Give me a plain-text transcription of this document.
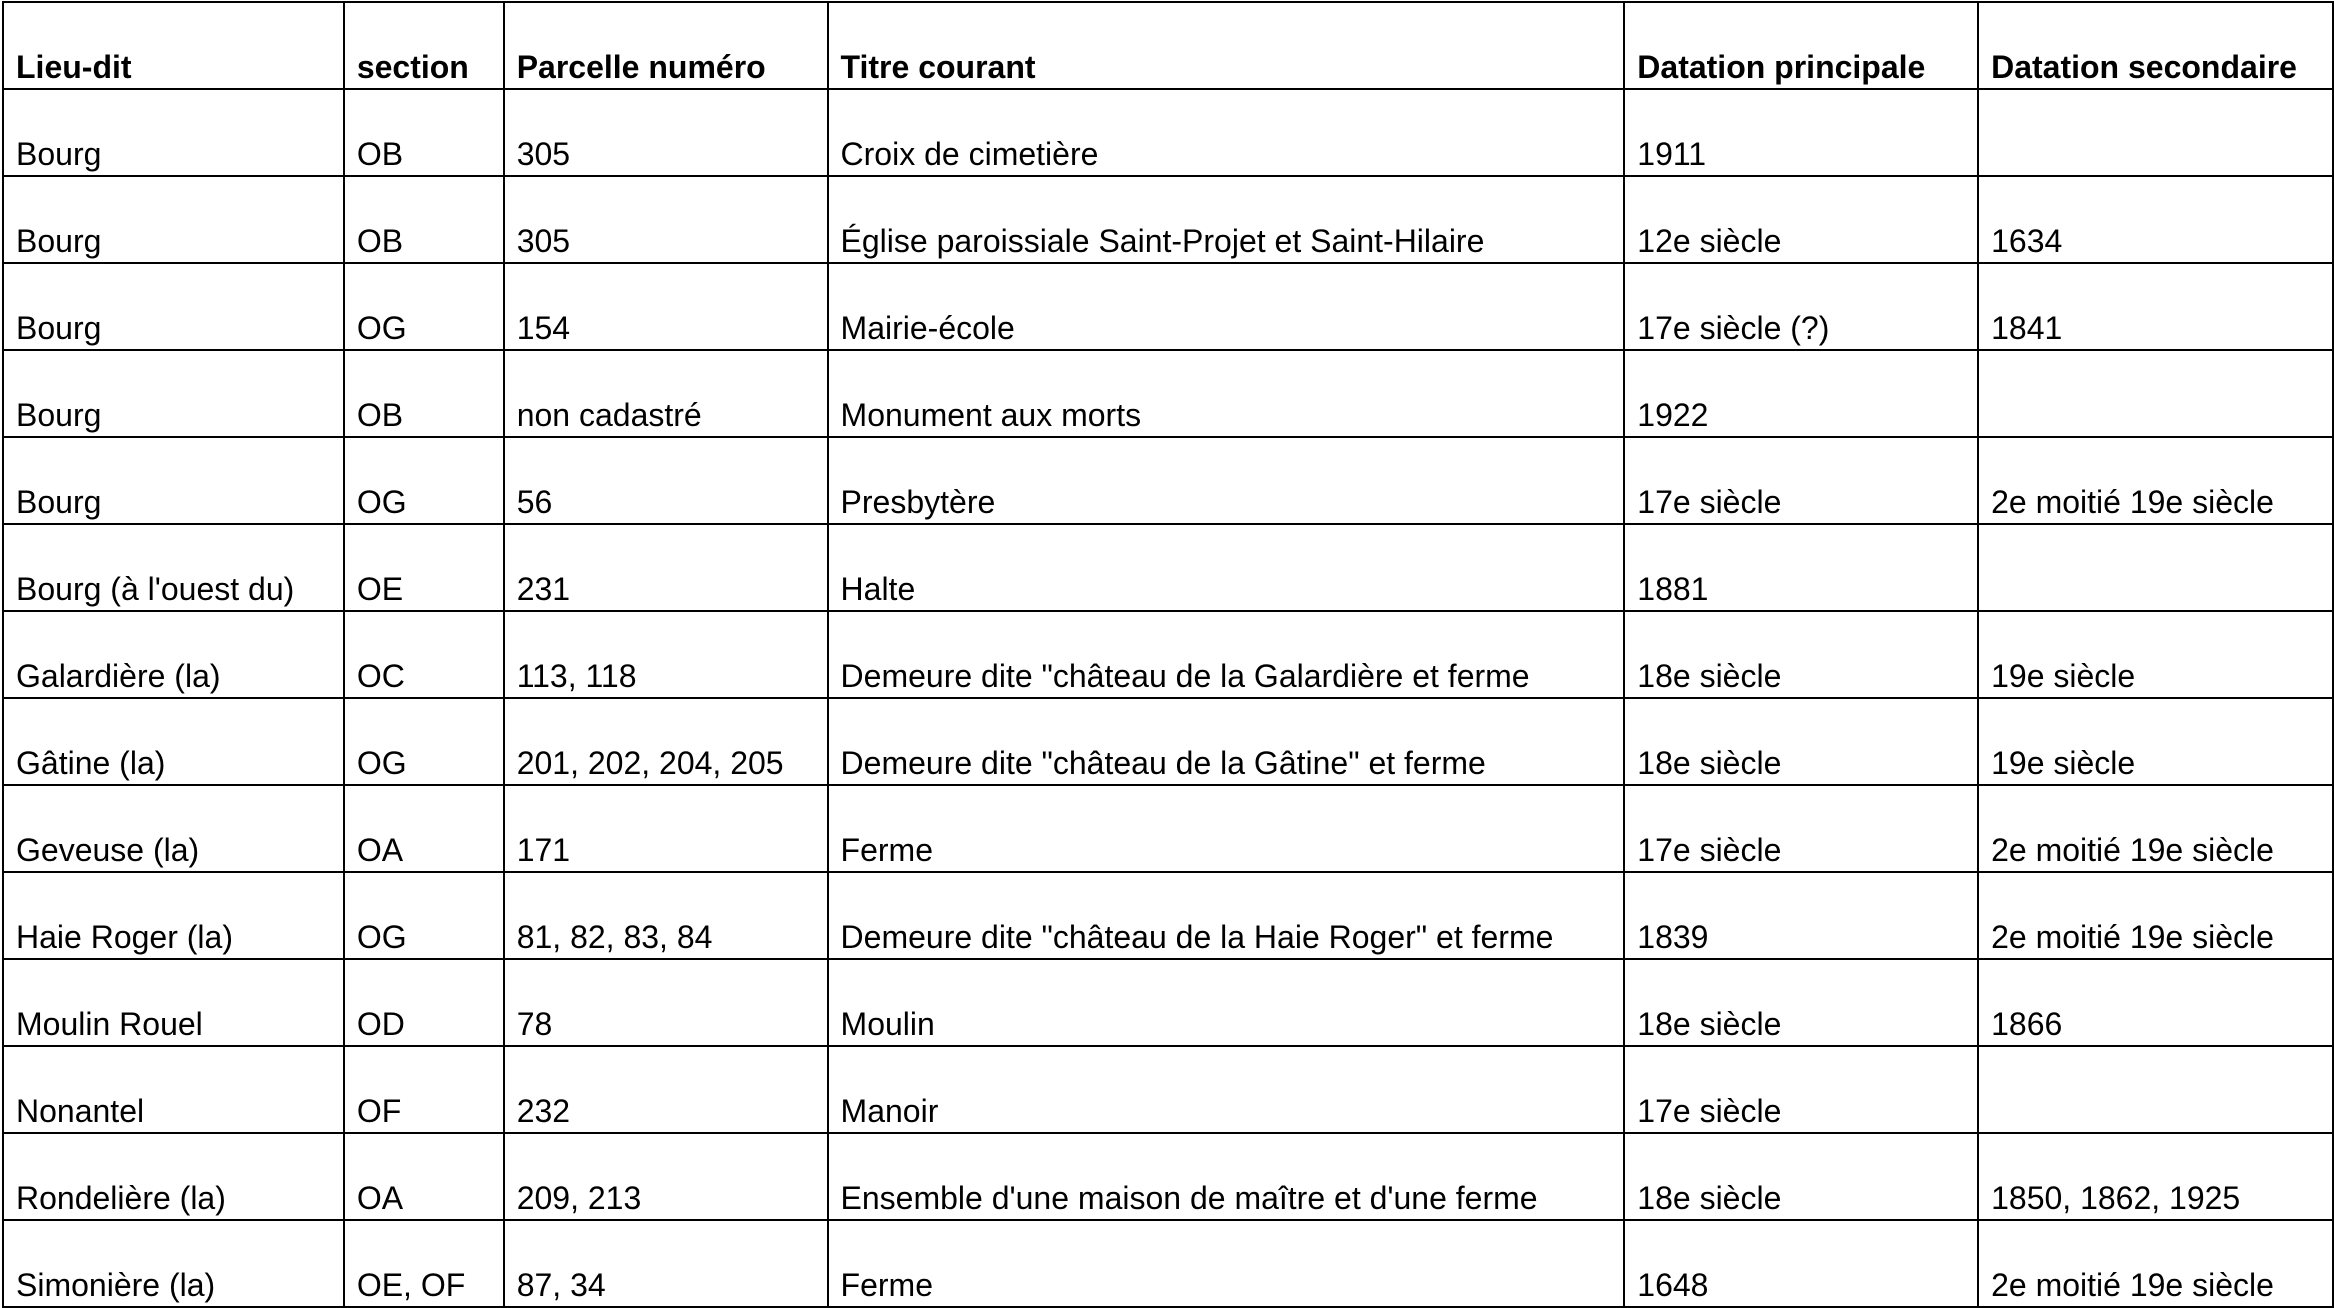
Lieu-dit	section	Parcelle numéro	Titre courant	Datation principale	Datation secondaire
Bourg	OB	305	Croix de cimetière	1911	
Bourg	OB	305	Église paroissiale Saint-Projet et Saint-Hilaire	12e siècle	1634
Bourg	OG	154	Mairie-école	17e siècle (?)	1841
Bourg	OB	non cadastré	Monument aux morts	1922	
Bourg	OG	56	Presbytère	17e siècle	2e moitié 19e siècle
Bourg (à l'ouest du)	OE	231	Halte	1881	
Galardière (la)	OC	113, 118	Demeure dite "château de la Galardière et ferme	18e siècle	19e siècle
Gâtine (la)	OG	201, 202, 204, 205	Demeure dite "château de la Gâtine" et ferme	18e siècle	19e siècle
Geveuse (la)	OA	171	Ferme	17e siècle	2e moitié 19e siècle
Haie Roger (la)	OG	81, 82, 83, 84	Demeure dite "château de la Haie Roger" et ferme	1839	2e moitié 19e siècle
Moulin Rouel	OD	78	Moulin	18e siècle	1866
Nonantel	OF	232	Manoir	17e siècle	
Rondelière (la)	OA	209, 213	Ensemble d'une maison de maître et d'une ferme	18e siècle	1850, 1862, 1925
Simonière (la)	OE, OF	87, 34	Ferme	1648	2e moitié 19e siècle
